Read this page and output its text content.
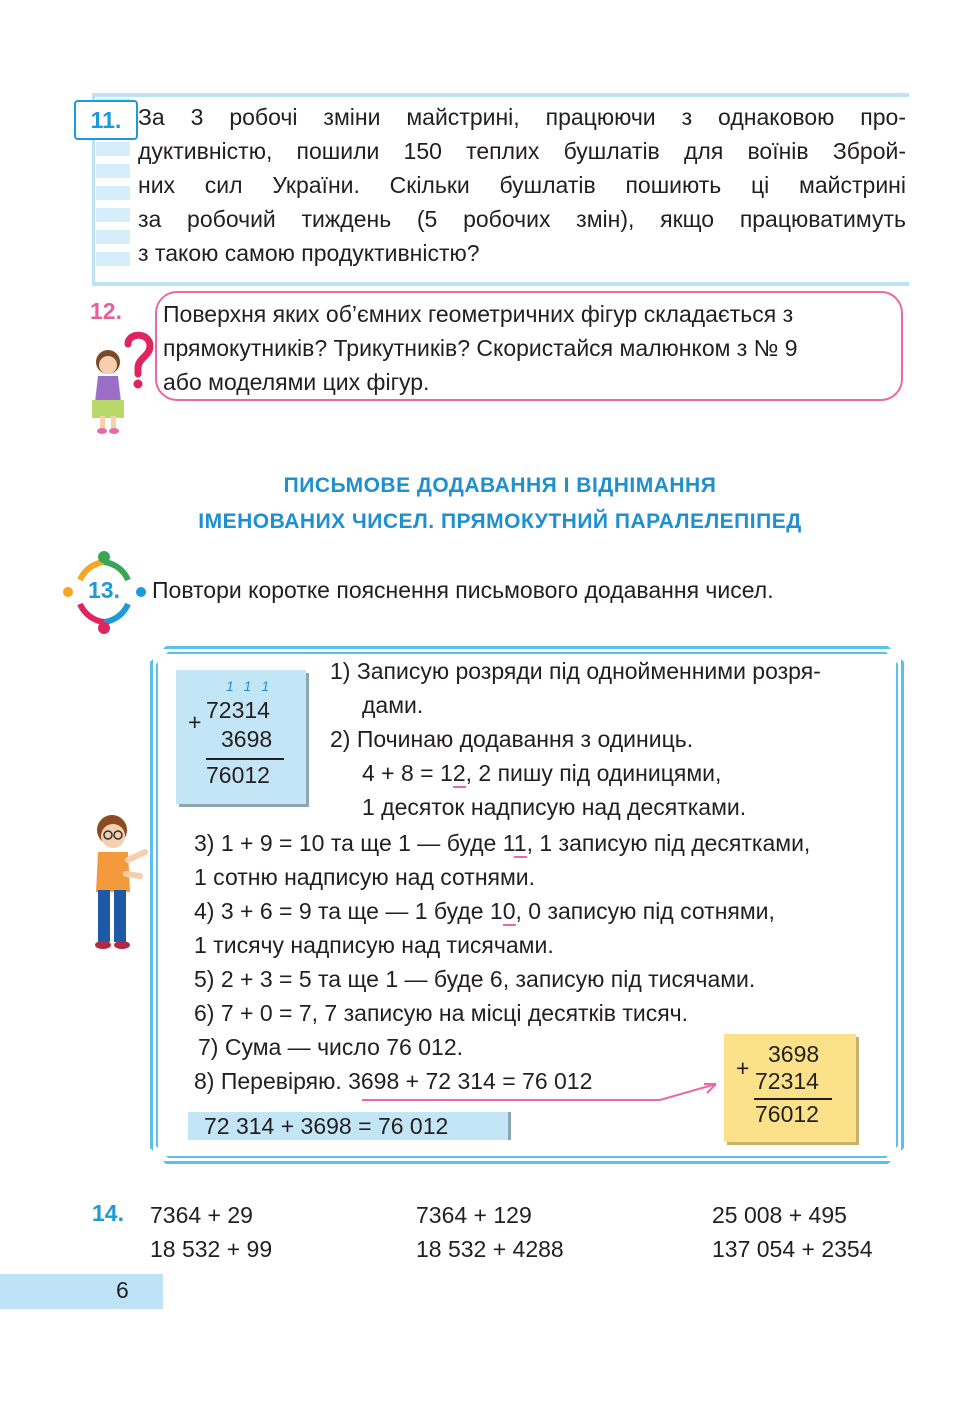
11. За 3 робочі зміни майстрині, працюючи з однаковою про-
дуктивністю, пошили 150 теплих бушлатів для воїнів Зброй-
них сил України. Скільки бушлатів пошиють ці майстрині
за робочий тиждень (5 робочих змін), якщо працюватимуть
з такою самою продуктивністю?
12. Поверхня яких об’ємних геометричних фігур складається з
прямокутників? Трикутників? Скористайся малюнком з № 9
або моделями цих фігур.
ПИСЬМОВЕ ДОДАВАННЯ І ВІДНІМАННЯ
ІМЕНОВАНИХ ЧИСЕЛ. ПРЯМОКУТНИЙ ПАРАЛЕЛЕПІПЕД
13. Повтори коротке пояснення письмового додавання чисел.
1 1 1
+ 72314
3698
76012
1) Записую розряди під однойменними розря-
дами.
2) Починаю додавання з одиниць.
4 + 8 = 12, 2 пишу під одиницями,
1 десяток надписую над десятками.
3) 1 + 9 = 10 та ще 1 — буде 11, 1 записую під десятками,
1 сотню надписую над сотнями.
4) 3 + 6 = 9 та ще — 1 буде 10, 0 записую під сотнями,
1 тисячу надписую над тисячами.
5) 2 + 3 = 5 та ще 1 — буде 6, записую під тисячами.
6) 7 + 0 = 7, 7 записую на місці десятків тисяч.
7) Сума — число 76 012.
8) Перевіряю. 3698 + 72 314 = 76 012
72 314 + 3698 = 76 012
+
3698
72314
76012
14. 7364 + 29
18 532 + 99
7364 + 129
18 532 + 4288
25 008 + 495
137 054 + 2354
6
